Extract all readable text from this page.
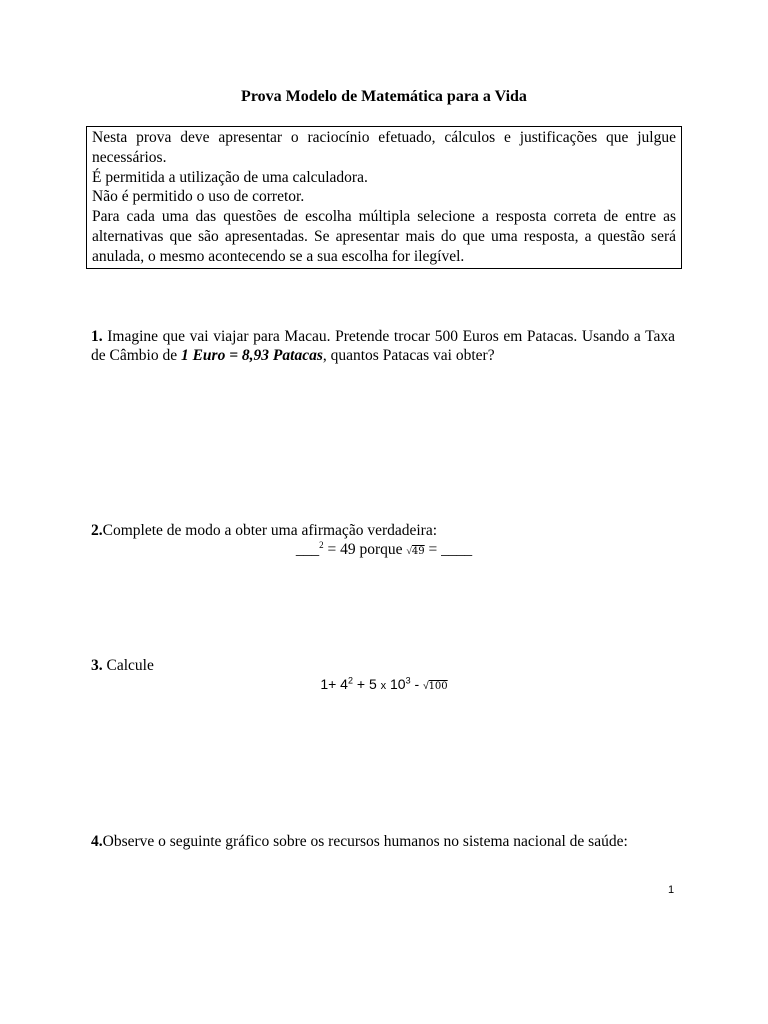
Prova Modelo de Matemática para a Vida
Nesta prova deve apresentar o raciocínio efetuado, cálculos e justificações que julgue necessários.
É permitida a utilização de uma calculadora.
Não é permitido o uso de corretor.
Para cada uma das questões de escolha múltipla selecione a resposta correta de entre as alternativas que são apresentadas. Se apresentar mais do que uma resposta, a questão será anulada, o mesmo acontecendo se a sua escolha for ilegível.
1. Imagine que vai viajar para Macau. Pretende trocar 500 Euros em Patacas. Usando a Taxa de Câmbio de 1 Euro = 8,93 Patacas, quantos Patacas vai obter?
2.Complete de modo a obter uma afirmação verdadeira:
___$^2$ = 49 porque √49 = ____
3. Calcule
$1+ 4^2 + 5$ x $10^3 - √100$
4.Observe o seguinte gráfico sobre os recursos humanos no sistema nacional de saúde:
1
